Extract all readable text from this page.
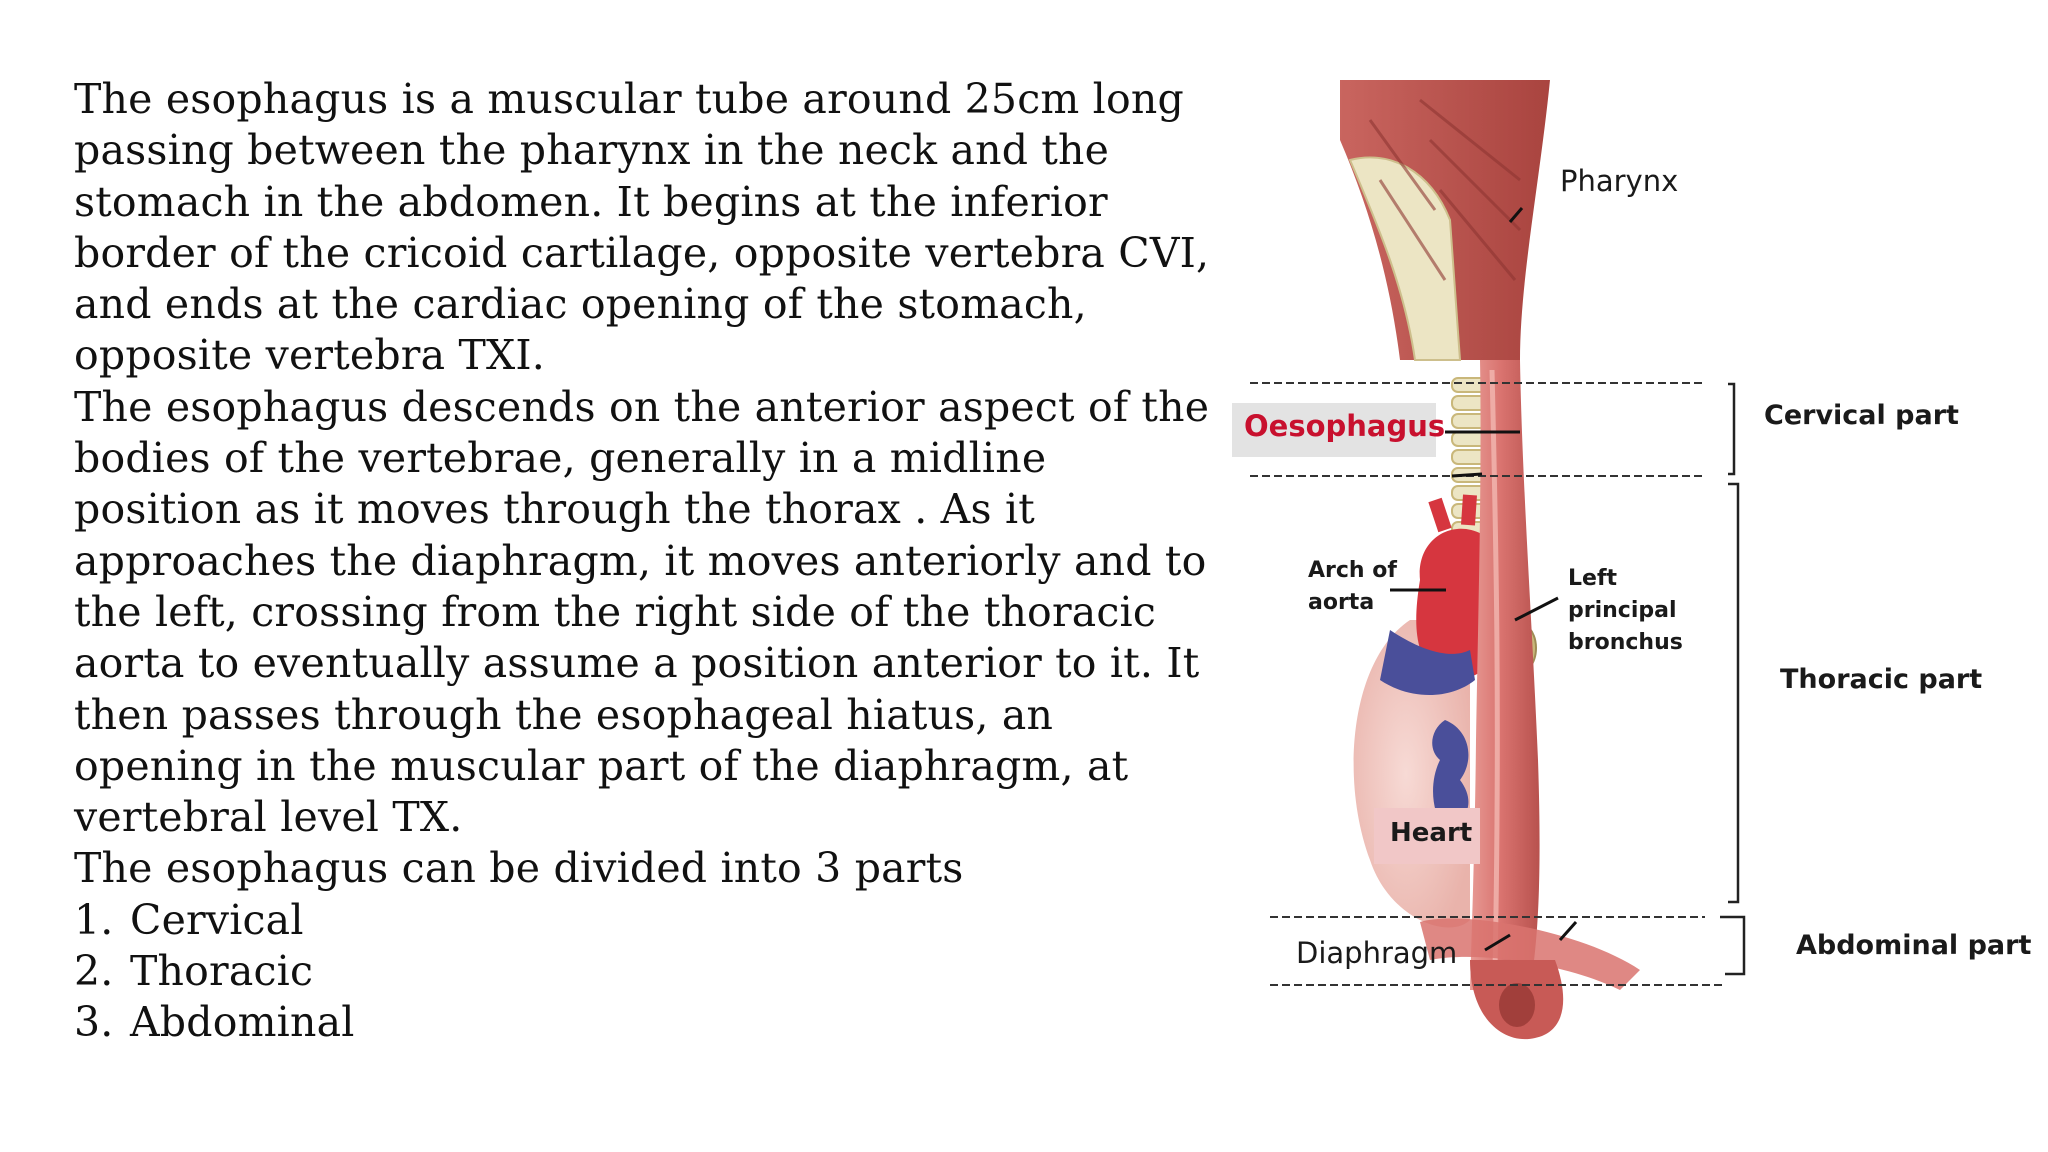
The esophagus is a muscular tube around 25cm long passing between the pharynx in the neck and the stomach in the abdomen. It begins at the inferior border of the cricoid cartilage, opposite vertebra CVI, and ends at the cardiac opening of the stomach, opposite vertebra TXI.

The esophagus descends on the anterior aspect of the bodies of the vertebrae, generally in a midline position as it moves through the thorax . As it approaches the diaphragm, it moves anteriorly and to the left, crossing from the right side of the thoracic aorta to eventually assume a position anterior to it. It then passes through the esophageal hiatus, an opening in the muscular part of the diaphragm, at vertebral level TX.

The esophagus can be divided into 3 parts

1. Cervical
2. Thoracic
3. Abdominal
Pharynx
Oesophagus
Arch of
aorta
Left
principal
bronchus
Heart
Diaphragm
Cervical part
Thoracic part
Abdominal part
